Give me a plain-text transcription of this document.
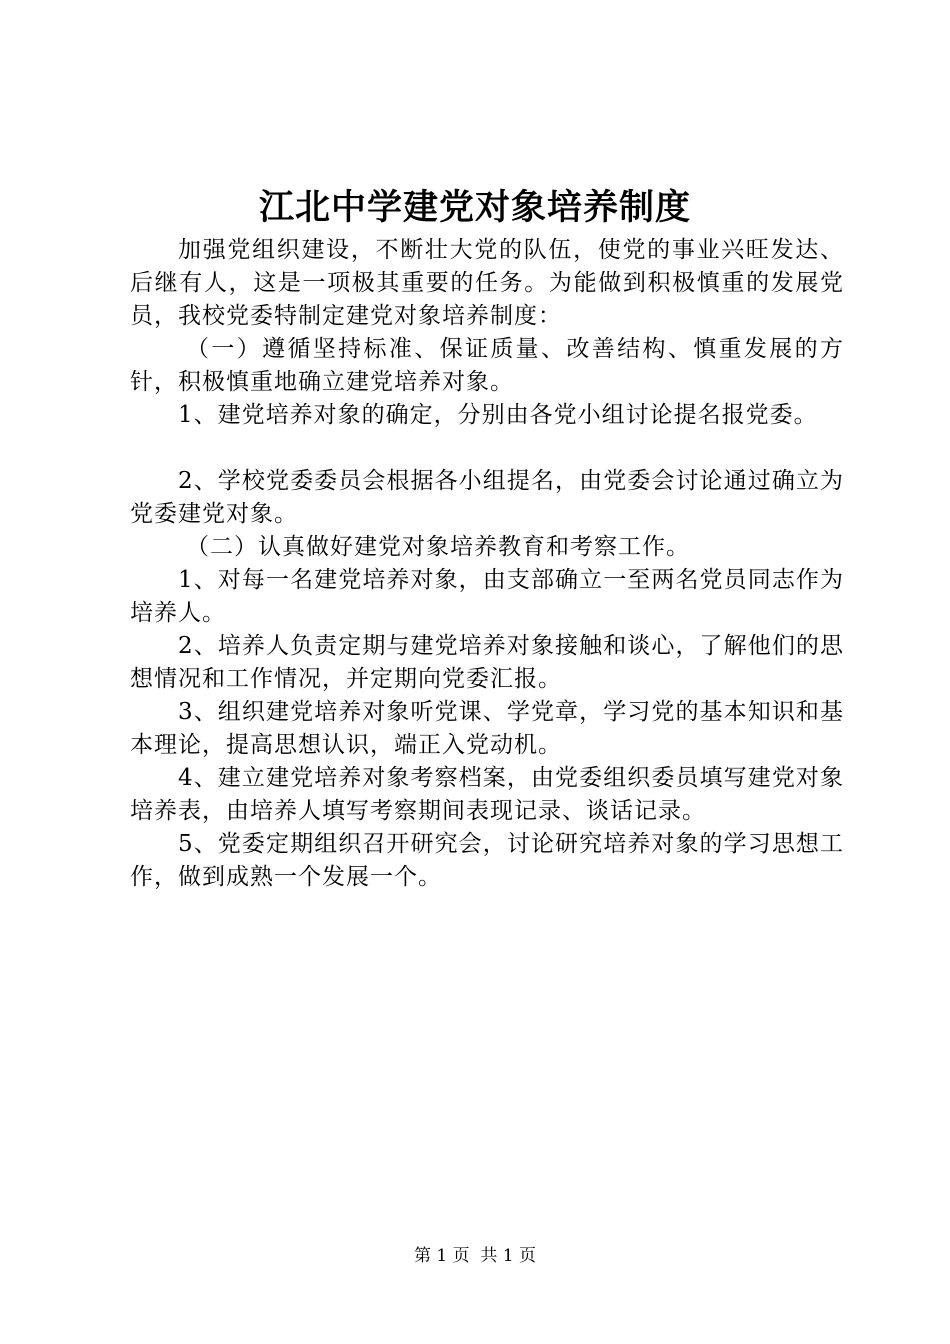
江北中学建党对象培养制度

加强党组织建设，不断壮大党的队伍，使党的事业兴旺发达、后继有人，这是一项极其重要的任务。为能做到积极慎重的发展党员，我校党委特制定建党对象培养制度：

（一）遵循坚持标准、保证质量、改善结构、慎重发展的方针，积极慎重地确立建党培养对象。

1、建党培养对象的确定，分别由各党小组讨论提名报党委。

2、学校党委委员会根据各小组提名，由党委会讨论通过确立为党委建党对象。

（二）认真做好建党对象培养教育和考察工作。

1、对每一名建党培养对象，由支部确立一至两名党员同志作为培养人。

2、培养人负责定期与建党培养对象接触和谈心，了解他们的思想情况和工作情况，并定期向党委汇报。

3、组织建党培养对象听党课、学党章，学习党的基本知识和基本理论，提高思想认识，端正入党动机。

4、建立建党培养对象考察档案，由党委组织委员填写建党对象培养表，由培养人填写考察期间表现记录、谈话记录。

5、党委定期组织召开研究会，讨论研究培养对象的学习思想工作，做到成熟一个发展一个。

第 1 页  共 1 页
